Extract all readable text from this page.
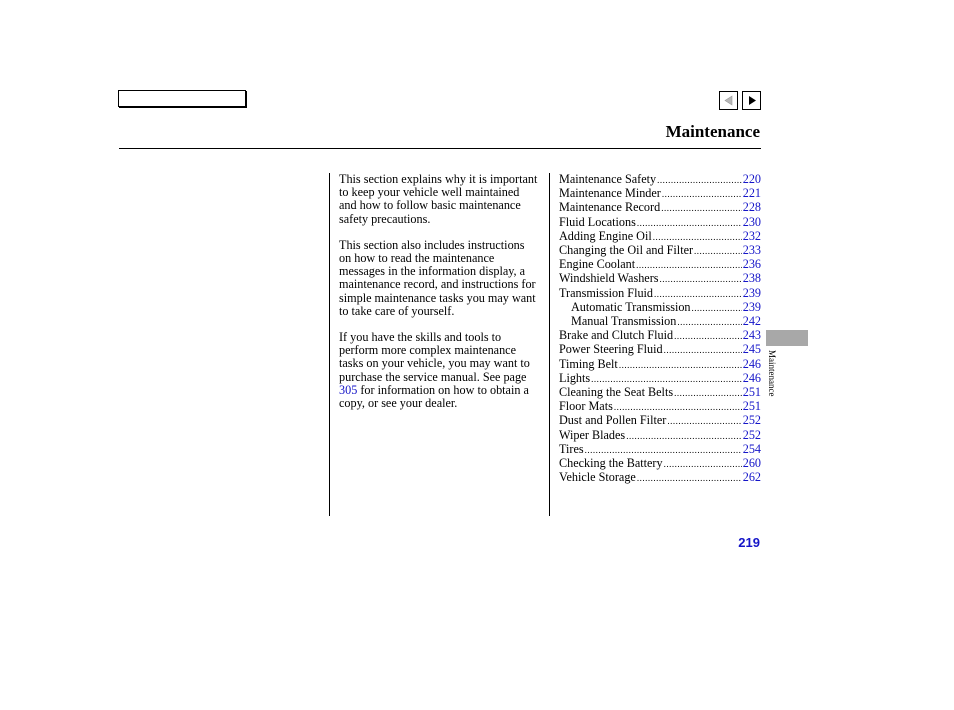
Maintenance

This section explains why it is important to keep your vehicle well maintained and how to follow basic maintenance safety precautions.

This section also includes instructions on how to read the maintenance messages in the information display, a maintenance record, and instructions for simple maintenance tasks you may want to take care of yourself.

If you have the skills and tools to perform more complex maintenance tasks on your vehicle, you may want to purchase the service manual. See page 305 for information on how to obtain a copy, or see your dealer.

Maintenance Safety .....	220
Maintenance Minder .....	221
Maintenance Record .....	228
Fluid Locations .....	230
Adding Engine Oil .....	232
Changing the Oil and Filter .....	233
Engine Coolant .....	236
Windshield Washers .....	238
Transmission Fluid .....	239
Automatic Transmission .....	239
Manual Transmission .....	242
Brake and Clutch Fluid .....	243
Power Steering Fluid .....	245
Timing Belt .....	246
Lights .....	246
Cleaning the Seat Belts .....	251
Floor Mats .....	251
Dust and Pollen Filter .....	252
Wiper Blades .....	252
Tires .....	254
Checking the Battery .....	260
Vehicle Storage .....	262
Maintenance
219
